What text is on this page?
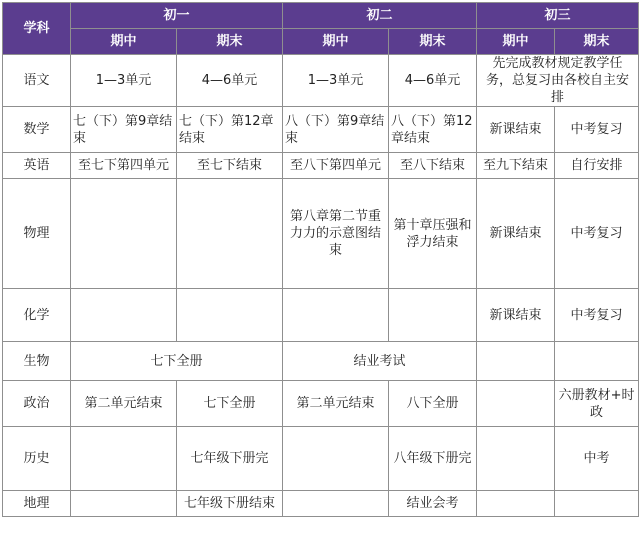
学科	初一		初二		初三	
	期中	期末	期中	期末	期中	期末
语文	1—3单元	4—6单元	1—3单元	4—6单元	先完成教材规定教学任务，总复习由各校自主安排	
数学	七（下）第9章结束	七（下）第12章结束	八（下）第9章结束	八（下）第12章结束	新课结束	中考复习
英语	至七下第四单元	至七下结束	至八下第四单元	至八下结束	至九下结束	自行安排
物理			第八章第二节重力力的示意图结束	第十章压强和浮力结束	新课结束	中考复习
化学					新课结束	中考复习
生物	七下全册		结业考试			
政治	第二单元结束	七下全册	第二单元结束	八下全册		六册教材+时政
历史		七年级下册完		八年级下册完		中考
地理		七年级下册结束		结业会考		
